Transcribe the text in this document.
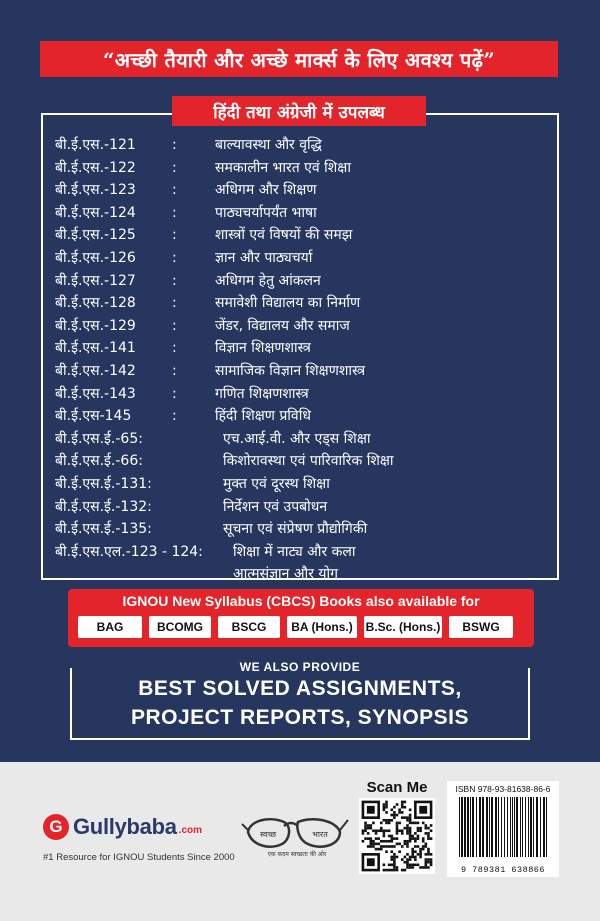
“अच्छी तैयारी और अच्छे मार्क्स के लिए अवश्य पढ़ें”
हिंदी तथा अंग्रेजी में उपलब्ध
बी.ई.एस.-121	:	बाल्यावस्था और वृद्धि
बी.ई.एस.-122	:	समकालीन भारत एवं शिक्षा
बी.ई.एस.-123	:	अधिगम और शिक्षण
बी.ई.एस.-124	:	पाठ्यचर्यापर्यंत भाषा
बी.ई.एस.-125	:	शास्त्रों एवं विषयों की समझ
बी.ई.एस.-126	:	ज्ञान और पाठ्यचर्या
बी.ई.एस.-127	:	अधिगम हेतु आंकलन
बी.ई.एस.-128	:	समावेशी विद्यालय का निर्माण
बी.ई.एस.-129	:	जेंडर, विद्यालय और समाज
बी.ई.एस.-141	:	विज्ञान शिक्षणशास्त्र
बी.ई.एस.-142	:	सामाजिक विज्ञान शिक्षणशास्त्र
बी.ई.एस.-143	:	गणित शिक्षणशास्त्र
बी.ई.एस-145	:	हिंदी शिक्षण प्रविधि
बी.ई.एस.ई.-65:	एच.आई.वी. और एड्स शिक्षा
बी.ई.एस.ई.-66:	किशोरावस्था एवं पारिवारिक शिक्षा
बी.ई.एस.ई.-131:	मुक्त एवं दूरस्थ शिक्षा
बी.ई.एस.ई.-132:	निर्देशन एवं उपबोधन
बी.ई.एस.ई.-135:	सूचना एवं संप्रेषण प्रौद्योगिकी
बी.ई.एस.एल.-123 - 124: शिक्षा में नाट्य और कला
आत्मसंज्ञान और योग
IGNOU New Syllabus (CBCS) Books also available for
BAG	BCOMG	BSCG	BA (Hons.)	B.Sc. (Hons.)	BSWG
WE ALSO PROVIDE
BEST SOLVED ASSIGNMENTS,
PROJECT REPORTS, SYNOPSIS
G Gullybaba .com
#1 Resource for IGNOU Students Since 2000
स्वच्छ	भारत
एक कदम स्वच्छता की ओर
Scan Me	ISBN 978-93-81638-86-6
9 789381 638866
